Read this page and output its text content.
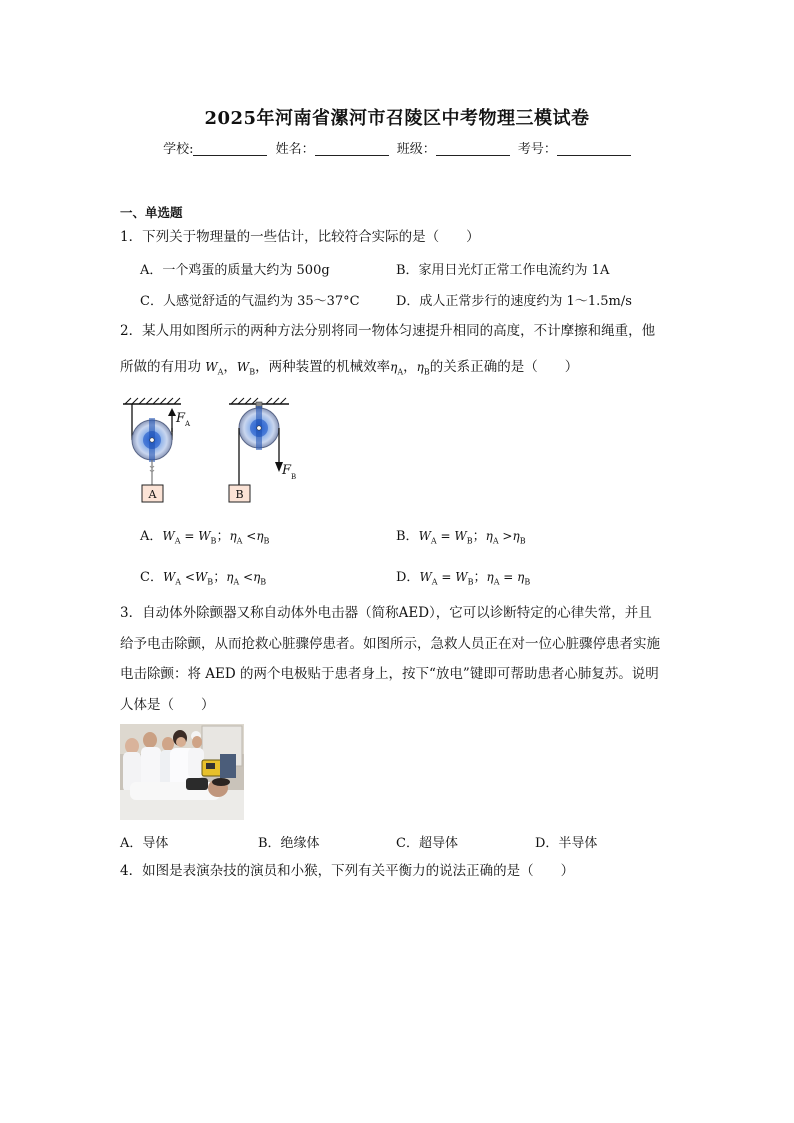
2025年河南省漯河市召陵区中考物理三模试卷
学校:	姓名：	班级：	考号：
一、单选题
1．下列关于物理量的一些估计，比较符合实际的是（　　）
A．一个鸡蛋的质量大约为 500g	B．家用日光灯正常工作电流约为 1A
C．人感觉舒适的气温约为 35～37°C	D．成人正常步行的速度约为 1～1.5m/s
2．某人用如图所示的两种方法分别将同一物体匀速提升相同的高度，不计摩擦和绳重，他
所做的有用功 $W_A$，$W_B$，两种装置的机械效率$\eta_A$，$\eta_B$的关系正确的是（　　）
F A
A
F B
B
A．$W_A = W_B$；$\eta_A <\eta_B$	B．$W_A = W_B$；$\eta_A >\eta_B$
C．$W_A <W_B$；$\eta_A <\eta_B$	D．$W_A = W_B$；$\eta_A = \eta_B$
3．自动体外除颤器又称自动体外电击器（简称AED），它可以诊断特定的心律失常，并且
给予电击除颤，从而抢救心脏骤停患者。如图所示，急救人员正在对一位心脏骤停患者实施
电击除颤：将 AED 的两个电极贴于患者身上，按下“放电”键即可帮助患者心肺复苏。说明
人体是（　　）
A．导体	B．绝缘体	C．超导体	D．半导体
4．如图是表演杂技的演员和小猴，下列有关平衡力的说法正确的是（　　）
